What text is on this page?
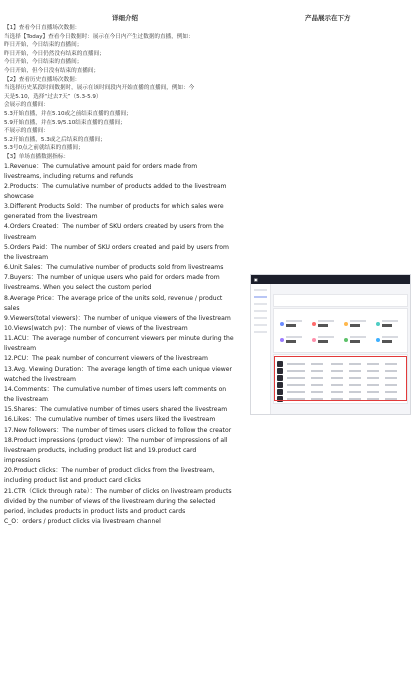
详细介绍	产品展示在下方
【1】查看今日直播场次数据：
当选择【Today】查看今日数据时：展示在今日内产生过数据的直播，例如：
昨日开始，今日结束的直播间；
昨日开始，今日仍然没有结束的直播间；
今日开始，今日结束的直播间；
今日开始，但今日没有结束的直播间；
【2】查看历史直播场次数据：
当选择历史某段时间数据时，展示在该时间段内开始直播的直播间，例如：今
天是5.10，选择“过去7天”（5.3-5.9）
会展示的直播间：
5.3开始直播，并在5.10或之前结束直播的直播间；
5.9开始直播，并在5.9/5.10结束直播的直播间；
不展示的直播间：
5.2开始直播，5.3或之后结束的直播间；
5.3号0点之前就结束的直播间；
【3】单场直播数据指标：
1.Revenue：The cumulative amount paid for orders made from
livestreams, including returns and refunds
2.Products：The cumulative number of products added to the livestream
showcase
3.Different Products Sold：The number of products for which sales were
generated from the livestream
4.Orders Created：The number of SKU orders created by users from the
livestream
5.Orders Paid：The number of SKU orders created and paid by users from
the livestream
6.Unit Sales：The cumulative number of products sold from livestreams
7.Buyers：The number of unique users who paid for orders made from
livestreams. When you select the custom period
8.Average Price：The average price of the units sold, revenue / product
sales
9.Viewers(total viewers)：The number of unique viewers of the livestream
10.Views(watch pv)：The number of views of the livestream
11.ACU：The average number of concurrent viewers per minute during the
livestream
12.PCU：The peak number of concurrent viewers of the livestream
13.Avg. Viewing Duration：The average length of time each unique viewer
watched the livestream
14.Comments：The cumulative number of times users left comments on
the livestream
15.Shares：The cumulative number of times users shared the livestream
16.Likes：The cumulative number of times users liked the livestream
17.New followers：The number of times users clicked to follow the creator
18.Product impressions (product view)：The number of impressions of all
livestream products, including product list and 19.product card
impressions
20.Product clicks：The number of product clicks from the livestream,
including product list and product card clicks
21.CTR（Click through rate）：The number of clicks on livestream products
divided by the number of views of the livestream during the selected
period, includes products in product lists and product cards
C_O：orders / product clicks via livestream channel
▣
